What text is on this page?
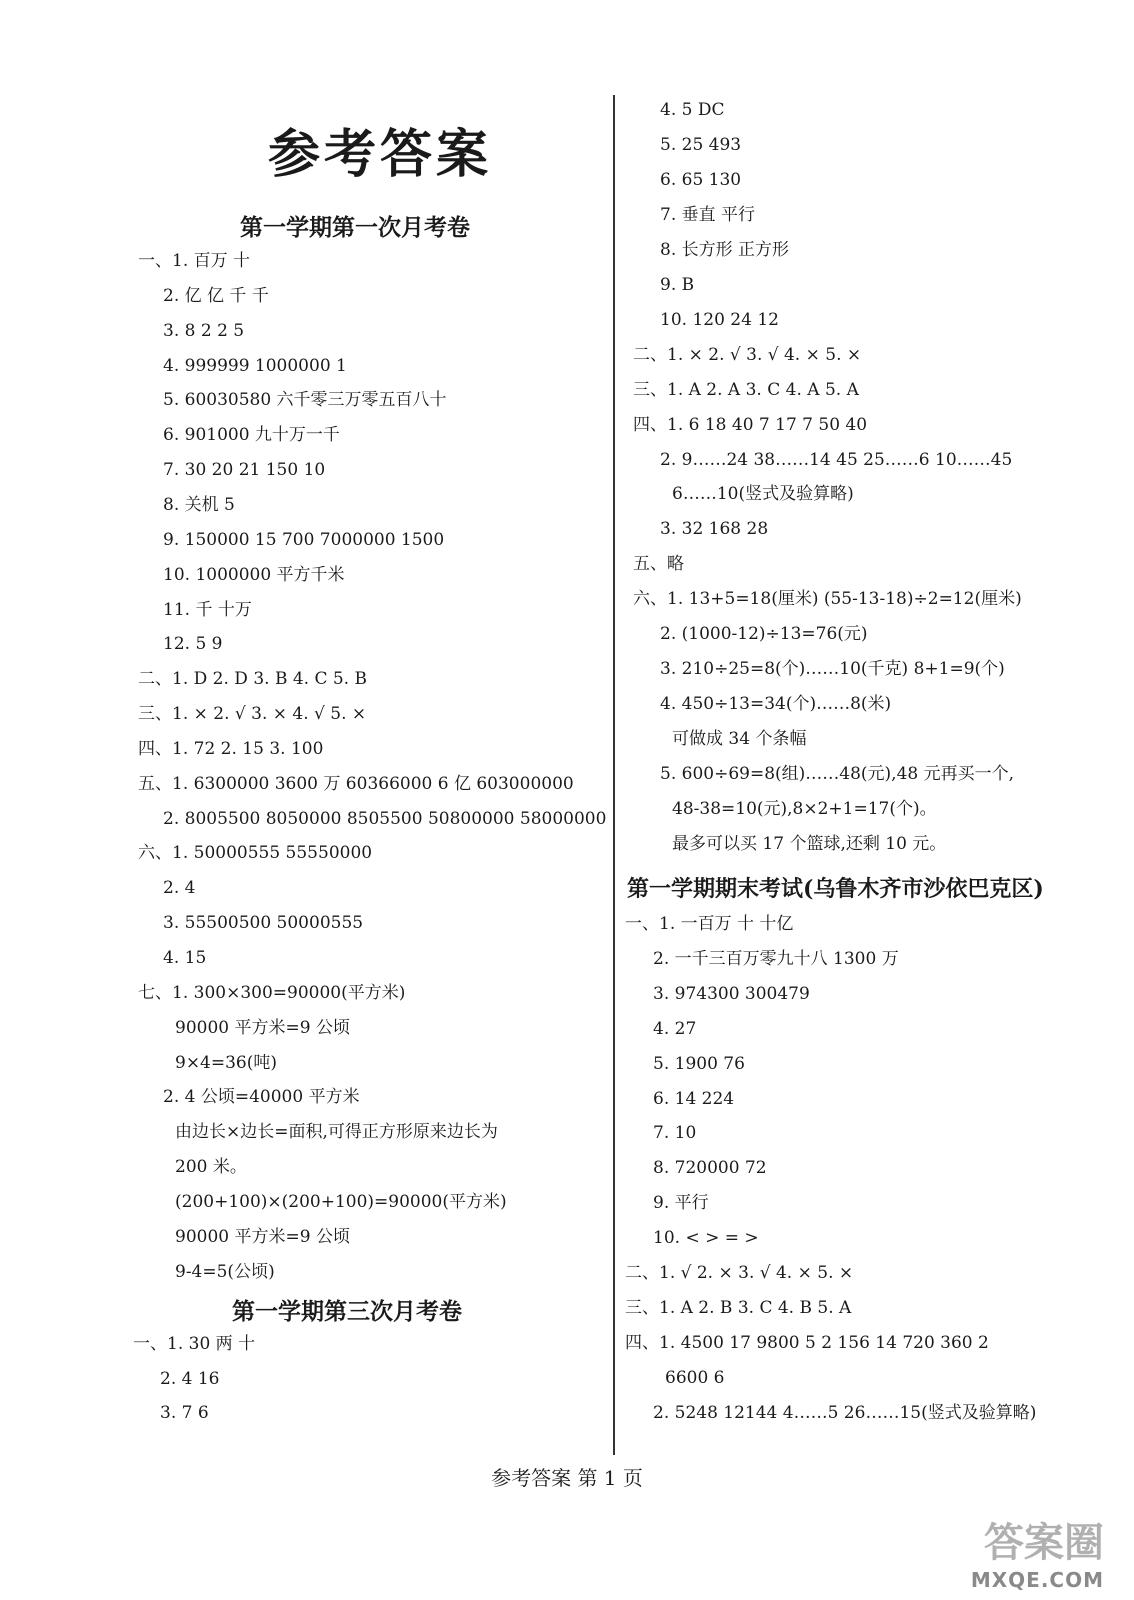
参考答案
第一学期第一次月考卷
一、1. 百万 十
2. 亿 亿 千 千
3. 8 2 2 5
4. 999999 1000000 1
5. 60030580 六千零三万零五百八十
6. 901000 九十万一千
7. 30 20 21 150 10
8. 关机 5
9. 150000 15 700 7000000 1500
10. 1000000 平方千米
11. 千 十万
12. 5 9
二、1. D 2. D 3. B 4. C 5. B
三、1. × 2. √ 3. × 4. √ 5. ×
四、1. 72 2. 15 3. 100
五、1. 6300000 3600 万 60366000 6 亿 603000000
2. 8005500 8050000 8505500 50800000 58000000
六、1. 50000555 55550000
2. 4
3. 55500500 50000555
4. 15
七、1. 300×300=90000(平方米)
90000 平方米=9 公顷
9×4=36(吨)
2. 4 公顷=40000 平方米
由边长×边长=面积,可得正方形原来边长为
200 米。
(200+100)×(200+100)=90000(平方米)
90000 平方米=9 公顷
9-4=5(公顷)
第一学期第三次月考卷
一、1. 30 两 十
2. 4 16
3. 7 6
4. 5 DC
5. 25 493
6. 65 130
7. 垂直 平行
8. 长方形 正方形
9. B
10. 120 24 12
二、1. × 2. √ 3. √ 4. × 5. ×
三、1. A 2. A 3. C 4. A 5. A
四、1. 6 18 40 7 17 7 50 40
2. 9……24 38……14 45 25……6 10……45
6……10(竖式及验算略)
3. 32 168 28
五、略
六、1. 13+5=18(厘米) (55-13-18)÷2=12(厘米)
2. (1000-12)÷13=76(元)
3. 210÷25=8(个)……10(千克) 8+1=9(个)
4. 450÷13=34(个)……8(米)
可做成 34 个条幅
5. 600÷69=8(组)……48(元),48 元再买一个,
48-38=10(元),8×2+1=17(个)。
最多可以买 17 个篮球,还剩 10 元。
第一学期期末考试(乌鲁木齐市沙依巴克区)
一、1. 一百万 十 十亿
2. 一千三百万零九十八 1300 万
3. 974300 300479
4. 27
5. 1900 76
6. 14 224
7. 10
8. 720000 72
9. 平行
10. < > = >
二、1. √ 2. × 3. √ 4. × 5. ×
三、1. A 2. B 3. C 4. B 5. A
四、1. 4500 17 9800 5 2 156 14 720 360 2
6600 6
2. 5248 12144 4……5 26……15(竖式及验算略)
参考答案 第 1 页
答案圈
MXQE.COM
